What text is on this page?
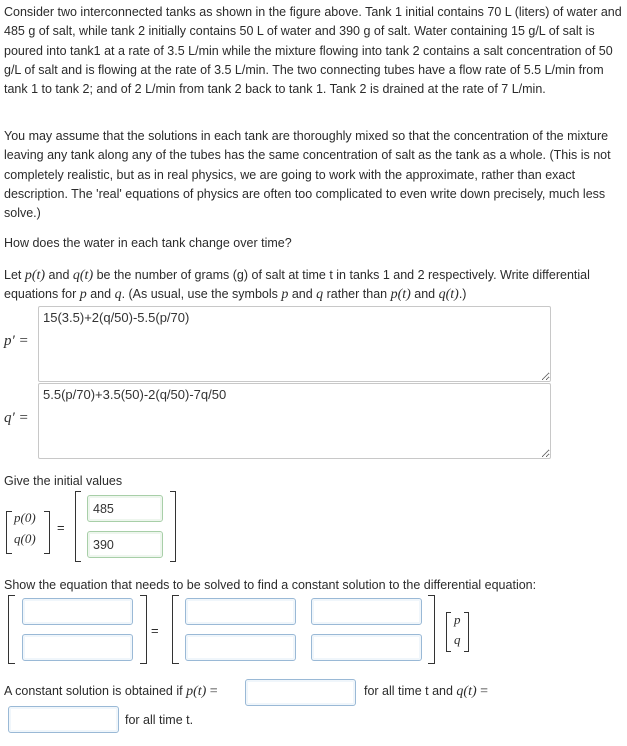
Consider two interconnected tanks as shown in the figure above. Tank 1 initial contains 70 L (liters) of water and 485 g of salt, while tank 2 initially contains 50 L of water and 390 g of salt. Water containing 15 g/L of salt is poured into tank1 at a rate of 3.5 L/min while the mixture flowing into tank 2 contains a salt concentration of 50 g/L of salt and is flowing at the rate of 3.5 L/min. The two connecting tubes have a flow rate of 5.5 L/min from tank 1 to tank 2; and of 2 L/min from tank 2 back to tank 1. Tank 2 is drained at the rate of 7 L/min.
You may assume that the solutions in each tank are thoroughly mixed so that the concentration of the mixture leaving any tank along any of the tubes has the same concentration of salt as the tank as a whole. (This is not completely realistic, but as in real physics, we are going to work with the approximate, rather than exact description. The 'real' equations of physics are often too complicated to even write down precisely, much less solve.)
How does the water in each tank change over time?
Let p(t) and q(t) be the number of grams (g) of salt at time t in tanks 1 and 2 respectively. Write differential equations for p and q. (As usual, use the symbols p and q rather than p(t) and q(t).)
p′ =
15(3.5)+2(q/50)-5.5(p/70)
q′ =
5.5(p/70)+3.5(50)-2(q/50)-7q/50
Give the initial values
p(0)
q(0)
=
485
390
Show the equation that needs to be solved to find a constant solution to the differential equation:
=
p
q
A constant solution is obtained if p(t) =	for all time t and q(t) =
for all time t.
